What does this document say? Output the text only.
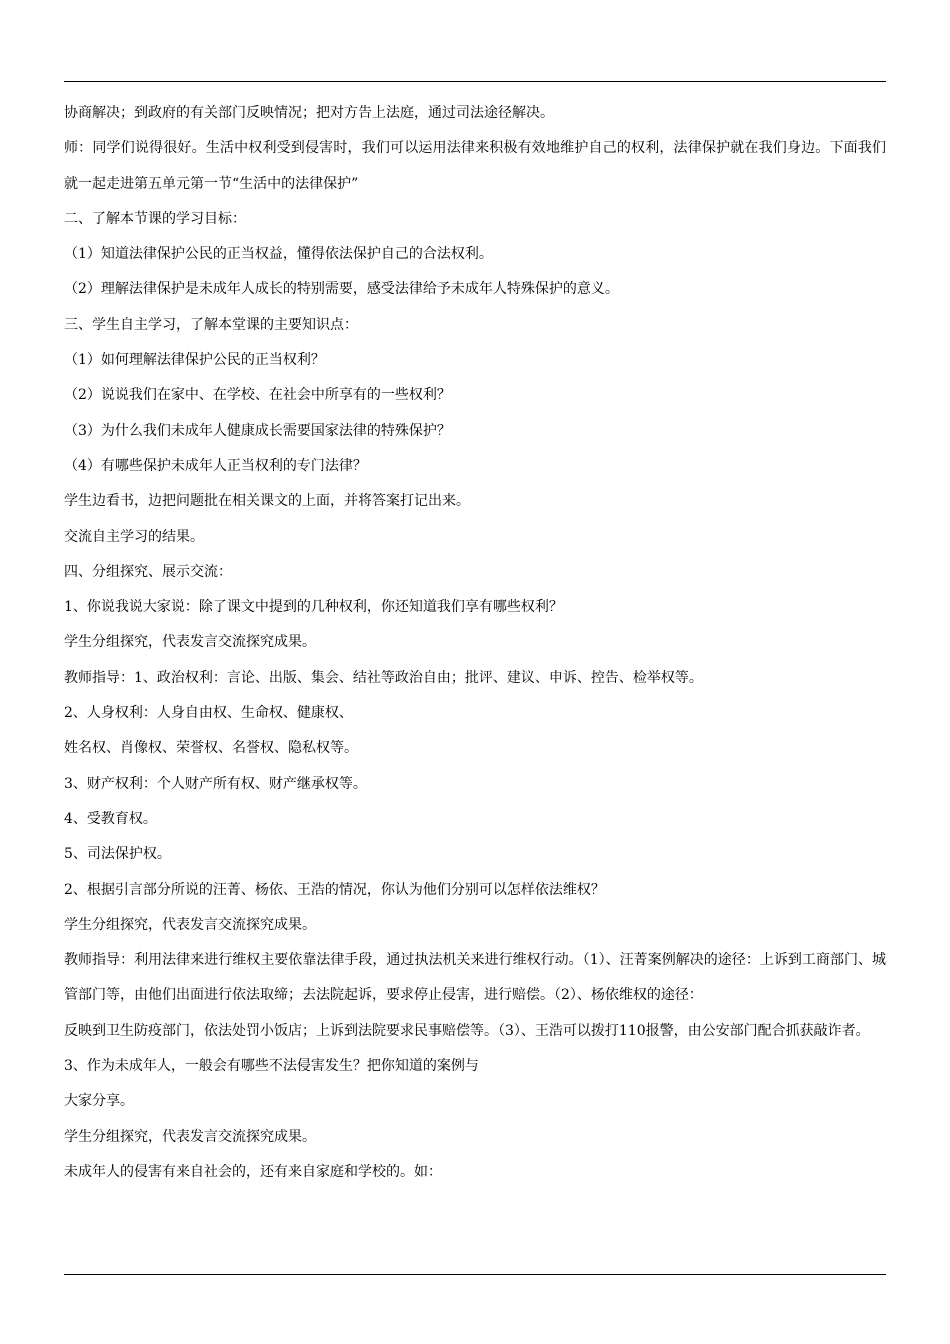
协商解决；到政府的有关部门反映情况；把对方告上法庭，通过司法途径解决。
师：同学们说得很好。生活中权利受到侵害时，我们可以运用法律来积极有效地维护自己的权利，法律保护就在我们身边。下面我们就一起走进第五单元第一节“生活中的法律保护”
二、了解本节课的学习目标：
（1）知道法律保护公民的正当权益，懂得依法保护自己的合法权利。
（2）理解法律保护是未成年人成长的特别需要，感受法律给予未成年人特殊保护的意义。
三、学生自主学习，了解本堂课的主要知识点：
（1）如何理解法律保护公民的正当权利？
（2）说说我们在家中、在学校、在社会中所享有的一些权利？
（3）为什么我们未成年人健康成长需要国家法律的特殊保护？
（4）有哪些保护未成年人正当权利的专门法律？
学生边看书，边把问题批在相关课文的上面，并将答案打记出来。
交流自主学习的结果。
四、分组探究、展示交流：
1、你说我说大家说：除了课文中提到的几种权利，你还知道我们享有哪些权利？
学生分组探究，代表发言交流探究成果。
教师指导：1、政治权利：言论、出版、集会、结社等政治自由；批评、建议、申诉、控告、检举权等。
2、人身权利：人身自由权、生命权、健康权、
姓名权、肖像权、荣誉权、名誉权、隐私权等。
3、财产权利：个人财产所有权、财产继承权等。
4、受教育权。
5、司法保护权。
2、根据引言部分所说的汪菁、杨依、王浩的情况，你认为他们分别可以怎样依法维权？
学生分组探究，代表发言交流探究成果。
教师指导：利用法律来进行维权主要依靠法律手段，通过执法机关来进行维权行动。（1）、汪菁案例解决的途径：上诉到工商部门、城管部门等，由他们出面进行依法取缔；去法院起诉，要求停止侵害，进行赔偿。（2）、杨依维权的途径：
反映到卫生防疫部门，依法处罚小饭店；上诉到法院要求民事赔偿等。（3）、王浩可以拨打110报警，由公安部门配合抓获敲诈者。
3、作为未成年人，一般会有哪些不法侵害发生？把你知道的案例与
大家分享。
学生分组探究，代表发言交流探究成果。
未成年人的侵害有来自社会的，还有来自家庭和学校的。如：
